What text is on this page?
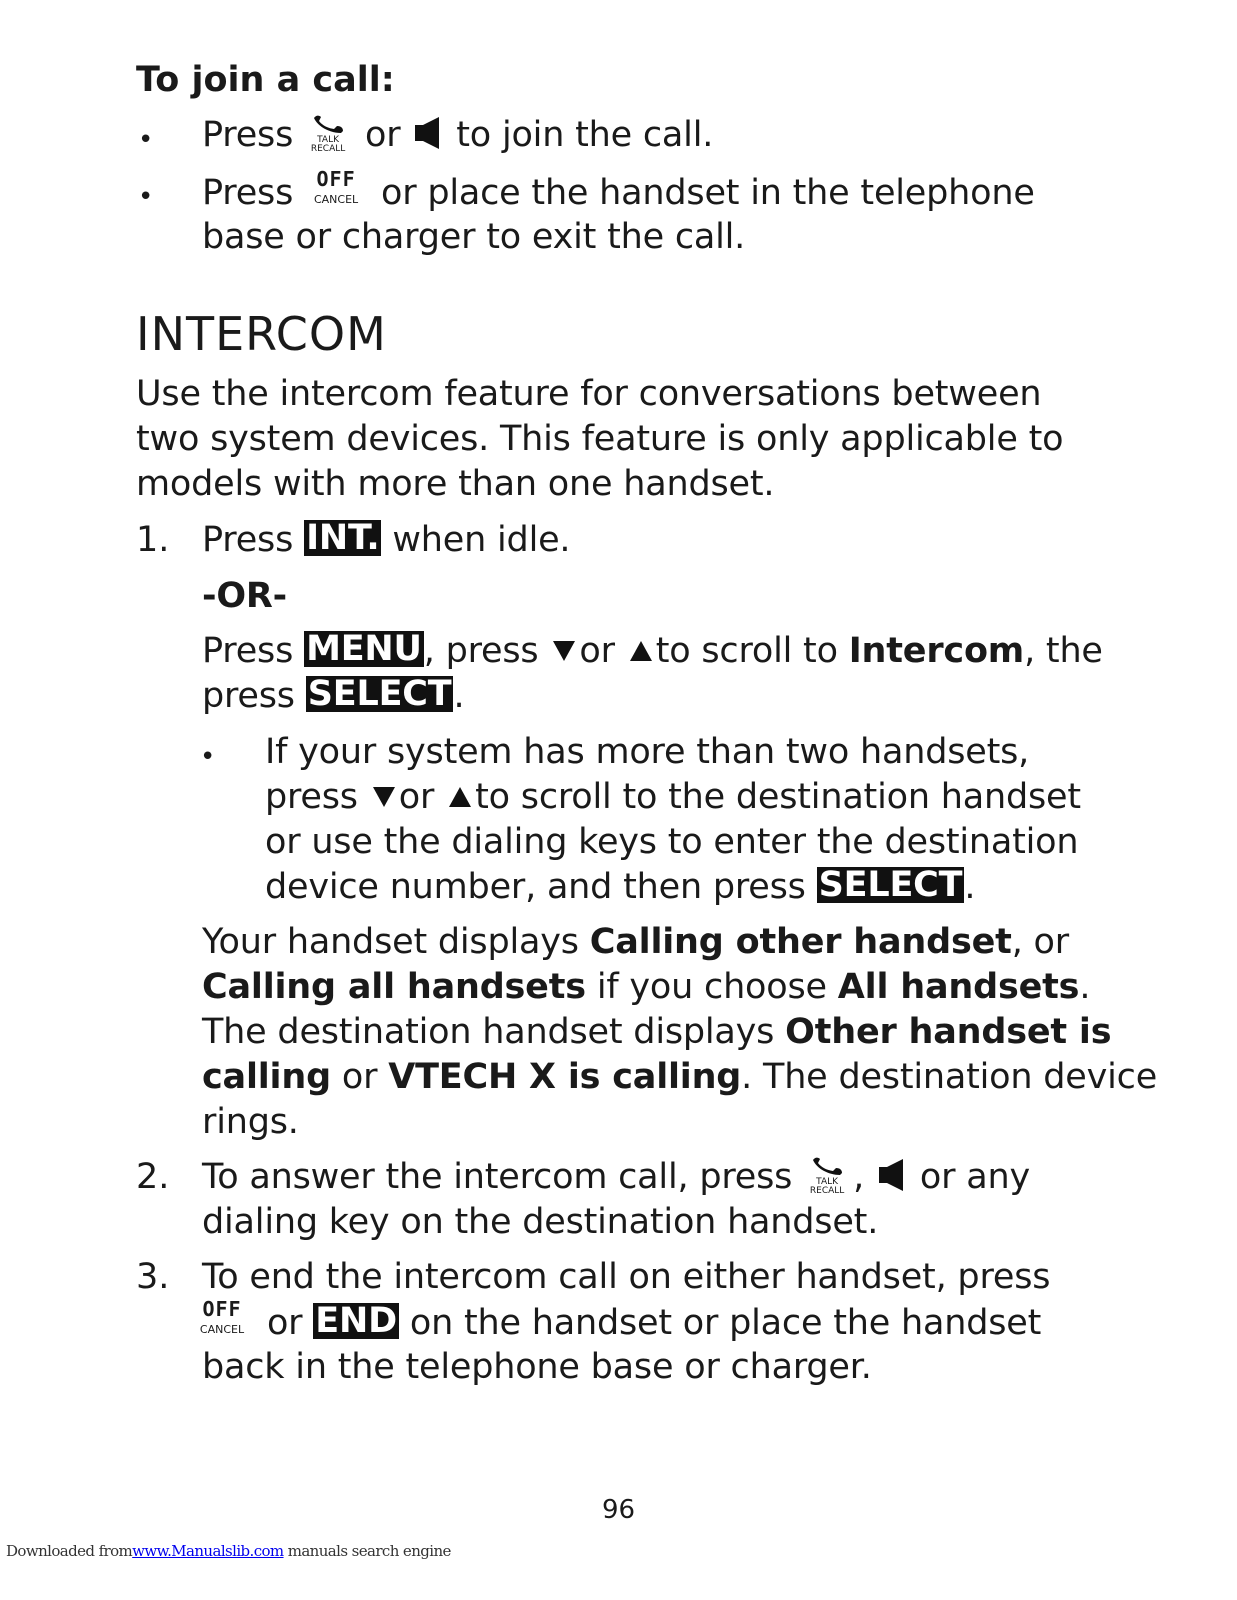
To join a call:
• Press	TALK
RECALL or to join the call.
• Press	OFF
CANCEL or place the handset in the telephone
base or charger to exit the call.
INTERCOM
Use the intercom feature for conversations between
two system devices. This feature is only applicable to
models with more than one handset.
1. Press INT. when idle.
-OR-
Press MENU, press or to scroll to Intercom, the
press SELECT.
• If your system has more than two handsets,
press or to scroll to the destination handset
or use the dialing keys to enter the destination
device number, and then press SELECT.
Your handset displays Calling other handset, or
Calling all handsets if you choose All handsets.
The destination handset displays Other handset is
calling or VTECH X is calling. The destination device
rings.
2. To answer the intercom call, press	TALK
RECALL , or any
dialing key on the destination handset.
3. To end the intercom call on either handset, press
OFF
CANCEL or END on the handset or place the handset
back in the telephone base or charger.
96
Downloaded fromwww.Manualslib.com manuals search engine
